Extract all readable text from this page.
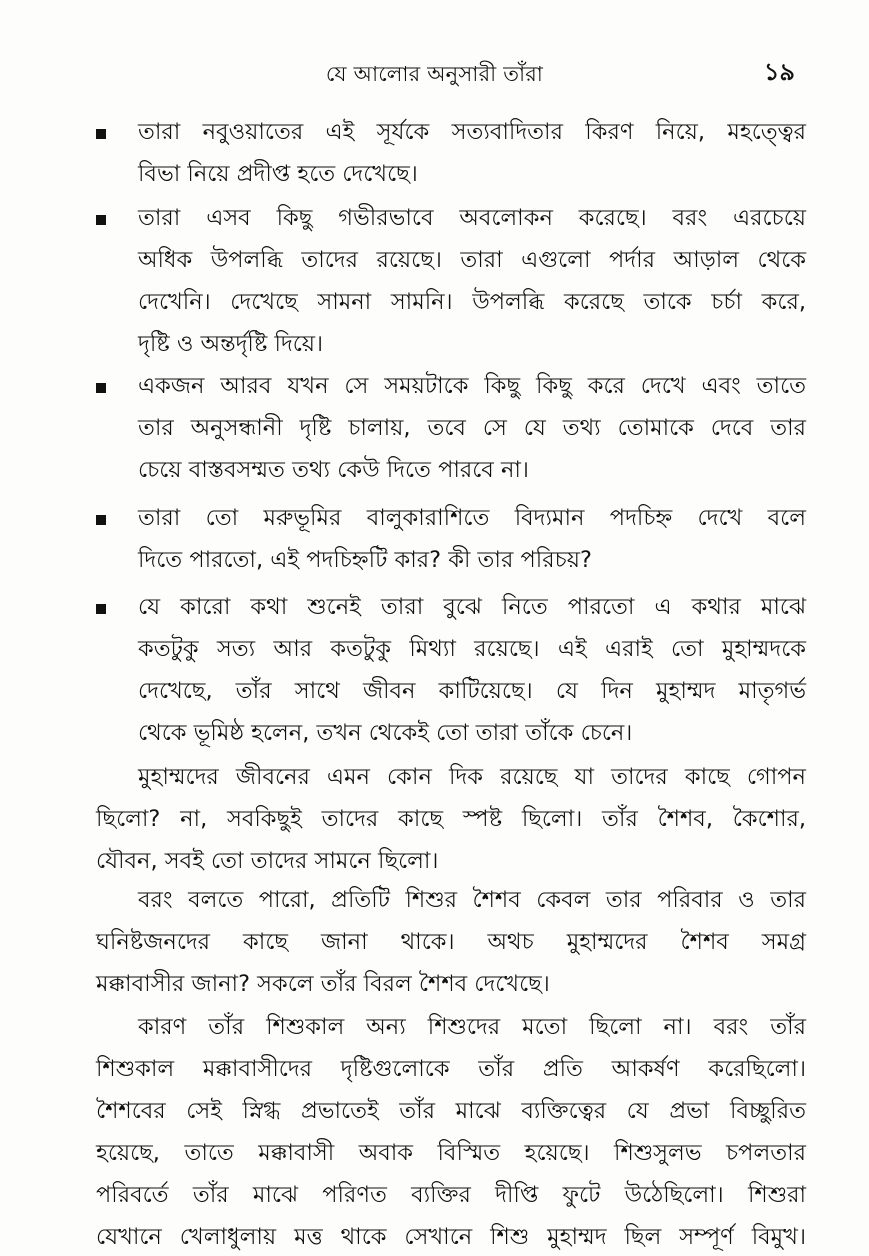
যে আলোর অনুসারী তাঁরা	১৯
তারা নবুওয়াতের এই সূর্যকে সত্যবাদিতার কিরণ নিয়ে, মহত্ত্বের
বিভা নিয়ে প্রদীপ্ত হতে দেখেছে।
তারা এসব কিছু গভীরভাবে অবলোকন করেছে। বরং এরচেয়ে
অধিক উপলব্ধি তাদের রয়েছে। তারা এগুলো পর্দার আড়াল থেকে
দেখেনি। দেখেছে সামনা সামনি। উপলব্ধি করেছে তাকে চর্চা করে,
দৃষ্টি ও অন্তর্দৃষ্টি দিয়ে।
একজন আরব যখন সে সময়টাকে কিছু কিছু করে দেখে এবং তাতে
তার অনুসন্ধানী দৃষ্টি চালায়, তবে সে যে তথ্য তোমাকে দেবে তার
চেয়ে বাস্তবসম্মত তথ্য কেউ দিতে পারবে না।
তারা তো মরুভূমির বালুকারাশিতে বিদ্যমান পদচিহ্ন দেখে বলে
দিতে পারতো, এই পদচিহ্নটি কার? কী তার পরিচয়?
যে কারো কথা শুনেই তারা বুঝে নিতে পারতো এ কথার মাঝে
কতটুকু সত্য আর কতটুকু মিথ্যা রয়েছে। এই এরাই তো মুহাম্মদকে
দেখেছে, তাঁর সাথে জীবন কাটিয়েছে। যে দিন মুহাম্মদ মাতৃগর্ভ
থেকে ভূমিষ্ঠ হলেন, তখন থেকেই তো তারা তাঁকে চেনে।
মুহাম্মদের জীবনের এমন কোন দিক রয়েছে যা তাদের কাছে গোপন
ছিলো? না, সবকিছুই তাদের কাছে স্পষ্ট ছিলো। তাঁর শৈশব, কৈশোর,
যৌবন, সবই তো তাদের সামনে ছিলো।
বরং বলতে পারো, প্রতিটি শিশুর শৈশব কেবল তার পরিবার ও তার
ঘনিষ্টজনদের কাছে জানা থাকে। অথচ মুহাম্মদের শৈশব সমগ্র
মক্কাবাসীর জানা? সকলে তাঁর বিরল শৈশব দেখেছে।
কারণ তাঁর শিশুকাল অন্য শিশুদের মতো ছিলো না। বরং তাঁর
শিশুকাল মক্কাবাসীদের দৃষ্টিগুলোকে তাঁর প্রতি আকর্ষণ করেছিলো।
শৈশবের সেই স্নিগ্ধ প্রভাতেই তাঁর মাঝে ব্যক্তিত্বের যে প্রভা বিচ্ছুরিত
হয়েছে, তাতে মক্কাবাসী অবাক বিস্মিত হয়েছে। শিশুসুলভ চপলতার
পরিবর্তে তাঁর মাঝে পরিণত ব্যক্তির দীপ্তি ফুটে উঠেছিলো। শিশুরা
যেখানে খেলাধুলায় মত্ত থাকে সেখানে শিশু মুহাম্মদ ছিল সম্পূর্ণ বিমুখ।
